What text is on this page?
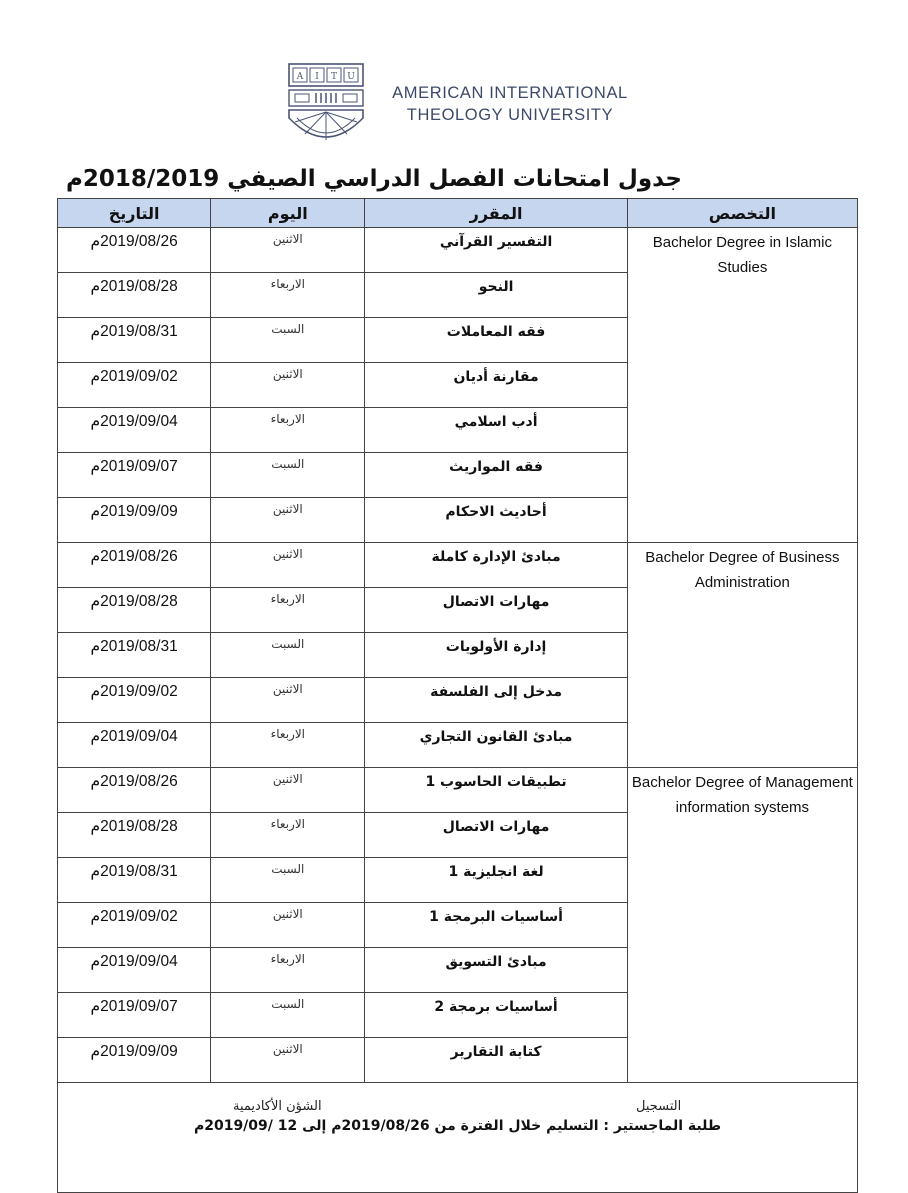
A I T U
AMERICAN INTERNATIONAL
THEOLOGY UNIVERSITY
جدول امتحانات الفصل الدراسي الصيفي 2018/2019م
التخصص	المقرر	اليوم	التاريخ
Bachelor Degree in Islamic Studies	التفسير القرآني	الاثنين	2019/08/26م
	النحو	الاربعاء	2019/08/28م
	فقه المعاملات	السبت	2019/08/31م
	مقارنة أديان	الاثنين	2019/09/02م
	أدب اسلامي	الاربعاء	2019/09/04م
	فقه المواريث	السبت	2019/09/07م
	أحاديث الاحكام	الاثنين	2019/09/09م
Bachelor Degree of Business Administration	مبادئ الإدارة كاملة	الاثنين	2019/08/26م
	مهارات الاتصال	الاربعاء	2019/08/28م
	إدارة الأولويات	السبت	2019/08/31م
	مدخل إلى الفلسفة	الاثنين	2019/09/02م
	مبادئ القانون التجاري	الاربعاء	2019/09/04م
Bachelor Degree of Management information systems	تطبيقات الحاسوب 1	الاثنين	2019/08/26م
	مهارات الاتصال	الاربعاء	2019/08/28م
	لغة انجليزية 1	السبت	2019/08/31م
	أساسيات البرمجة 1	الاثنين	2019/09/02م
	مبادئ التسويق	الاربعاء	2019/09/04م
	أساسيات برمجة 2	السبت	2019/09/07م
	كتابة التقارير	الاثنين	2019/09/09م
طلبة الماجستير : التسليم خلال الفترة من 2019/08/26م إلى 12 /2019/09م			
الشؤن الأكاديمية	التسجيل
